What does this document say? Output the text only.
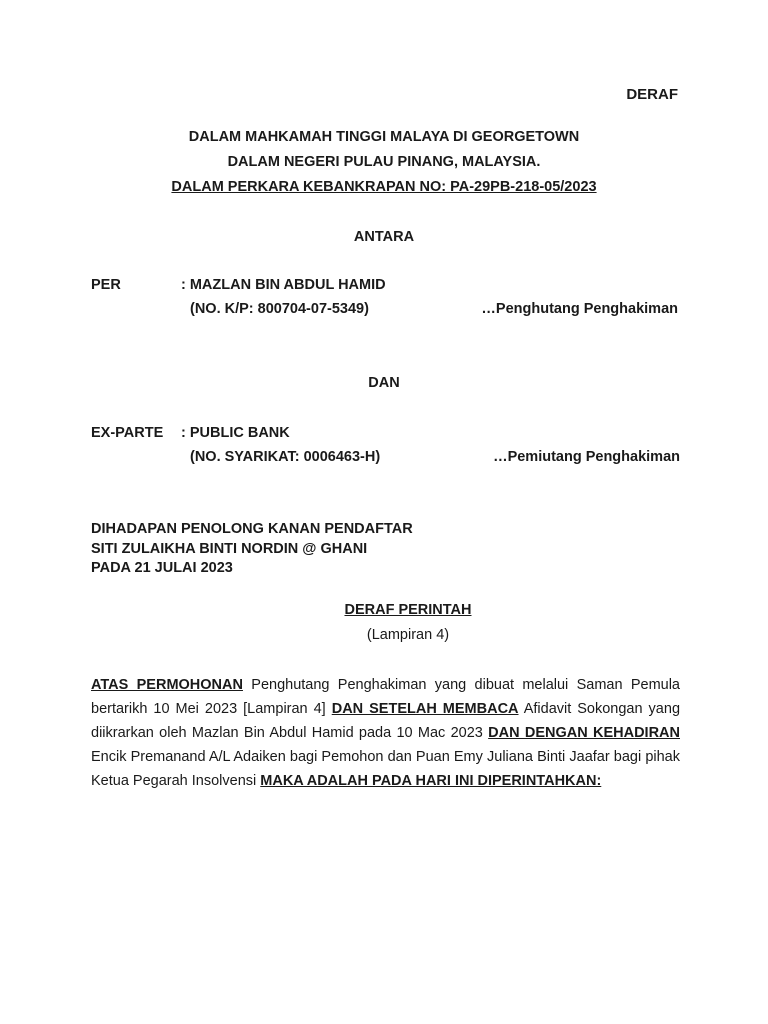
DERAF
DALAM MAHKAMAH TINGGI MALAYA DI GEORGETOWN
DALAM NEGERI PULAU PINANG, MALAYSIA.
DALAM PERKARA KEBANKRAPAN NO: PA-29PB-218-05/2023
ANTARA
PER	: MAZLAN BIN ABDUL HAMID
(NO. K/P: 800704-07-5349)	…Penghutang Penghakiman
DAN
EX-PARTE : PUBLIC BANK
(NO. SYARIKAT: 0006463-H)	…Pemiutang Penghakiman
DIHADAPAN PENOLONG KANAN PENDAFTAR
SITI ZULAIKHA BINTI NORDIN @ GHANI
PADA 21 JULAI 2023
DERAF PERINTAH
(Lampiran 4)
ATAS PERMOHONAN Penghutang Penghakiman yang dibuat melalui Saman Pemula bertarikh 10 Mei 2023 [Lampiran 4] DAN SETELAH MEMBACA Afidavit Sokongan yang diikrarkan oleh Mazlan Bin Abdul Hamid pada 10 Mac 2023 DAN DENGAN KEHADIRAN Encik Premanand A/L Adaiken bagi Pemohon dan Puan Emy Juliana Binti Jaafar bagi pihak Ketua Pegarah Insolvensi MAKA ADALAH PADA HARI INI DIPERINTAHKAN:
